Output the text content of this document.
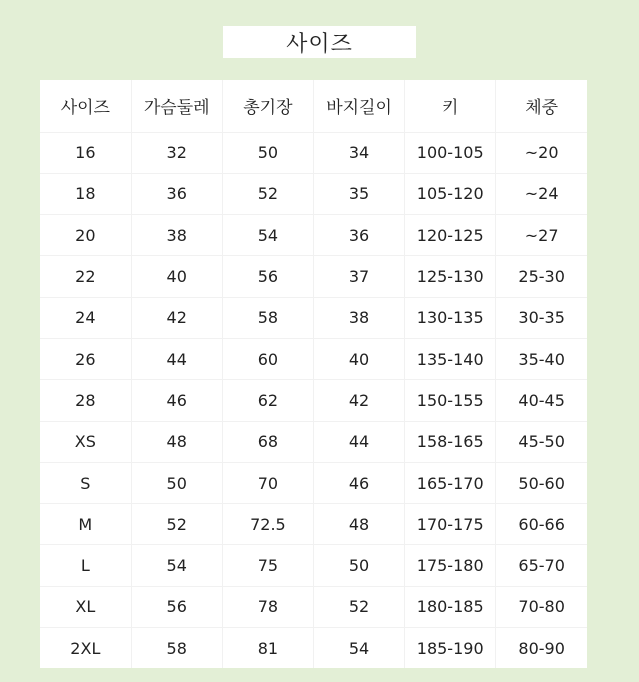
사이즈
사이즈	가슴둘레	총기장	바지길이	키	체중
16	32	50	34	100-105	~20
18	36	52	35	105-120	~24
20	38	54	36	120-125	~27
22	40	56	37	125-130	25-30
24	42	58	38	130-135	30-35
26	44	60	40	135-140	35-40
28	46	62	42	150-155	40-45
XS	48	68	44	158-165	45-50
S	50	70	46	165-170	50-60
M	52	72.5	48	170-175	60-66
L	54	75	50	175-180	65-70
XL	56	78	52	180-185	70-80
2XL	58	81	54	185-190	80-90
